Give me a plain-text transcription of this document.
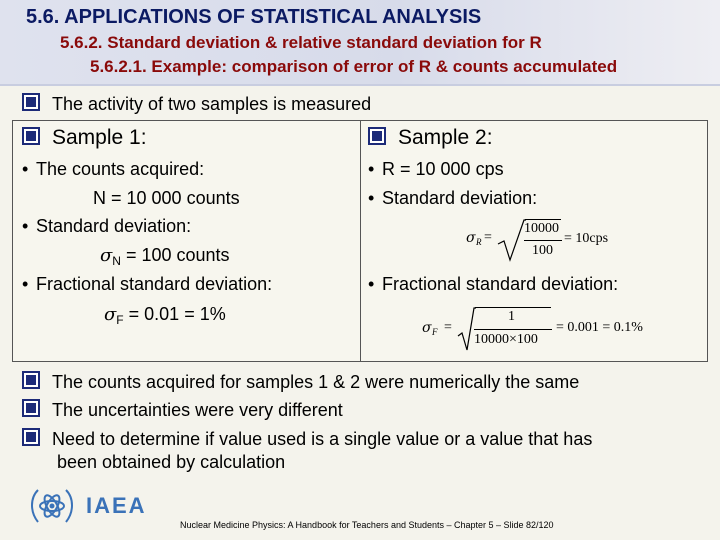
5.6. APPLICATIONS OF STATISTICAL ANALYSIS
5.6.2. Standard deviation & relative standard deviation for R
5.6.2.1. Example: comparison of error of R & counts accumulated
The activity of two samples is measured
Sample 1:
• The counts acquired:
N = 10 000 counts
• Standard deviation:
$\sigma_N = 100$ counts
• Fractional standard deviation:
$\sigma_F = 0.01 = 1\%$
Sample 2:
• R = 10 000 cps
• Standard deviation:
σ R =
10000
100
= 10cps
• Fractional standard deviation:
σ F =
1
10000×100
= 0.001 = 0.1%
The counts acquired for samples 1 & 2 were numerically the same
The uncertainties were very different
Need to determine if value used is a single value or a value that has
been obtained by calculation
IAEA
Nuclear Medicine Physics: A Handbook for Teachers and Students – Chapter 5 – Slide 82/120
